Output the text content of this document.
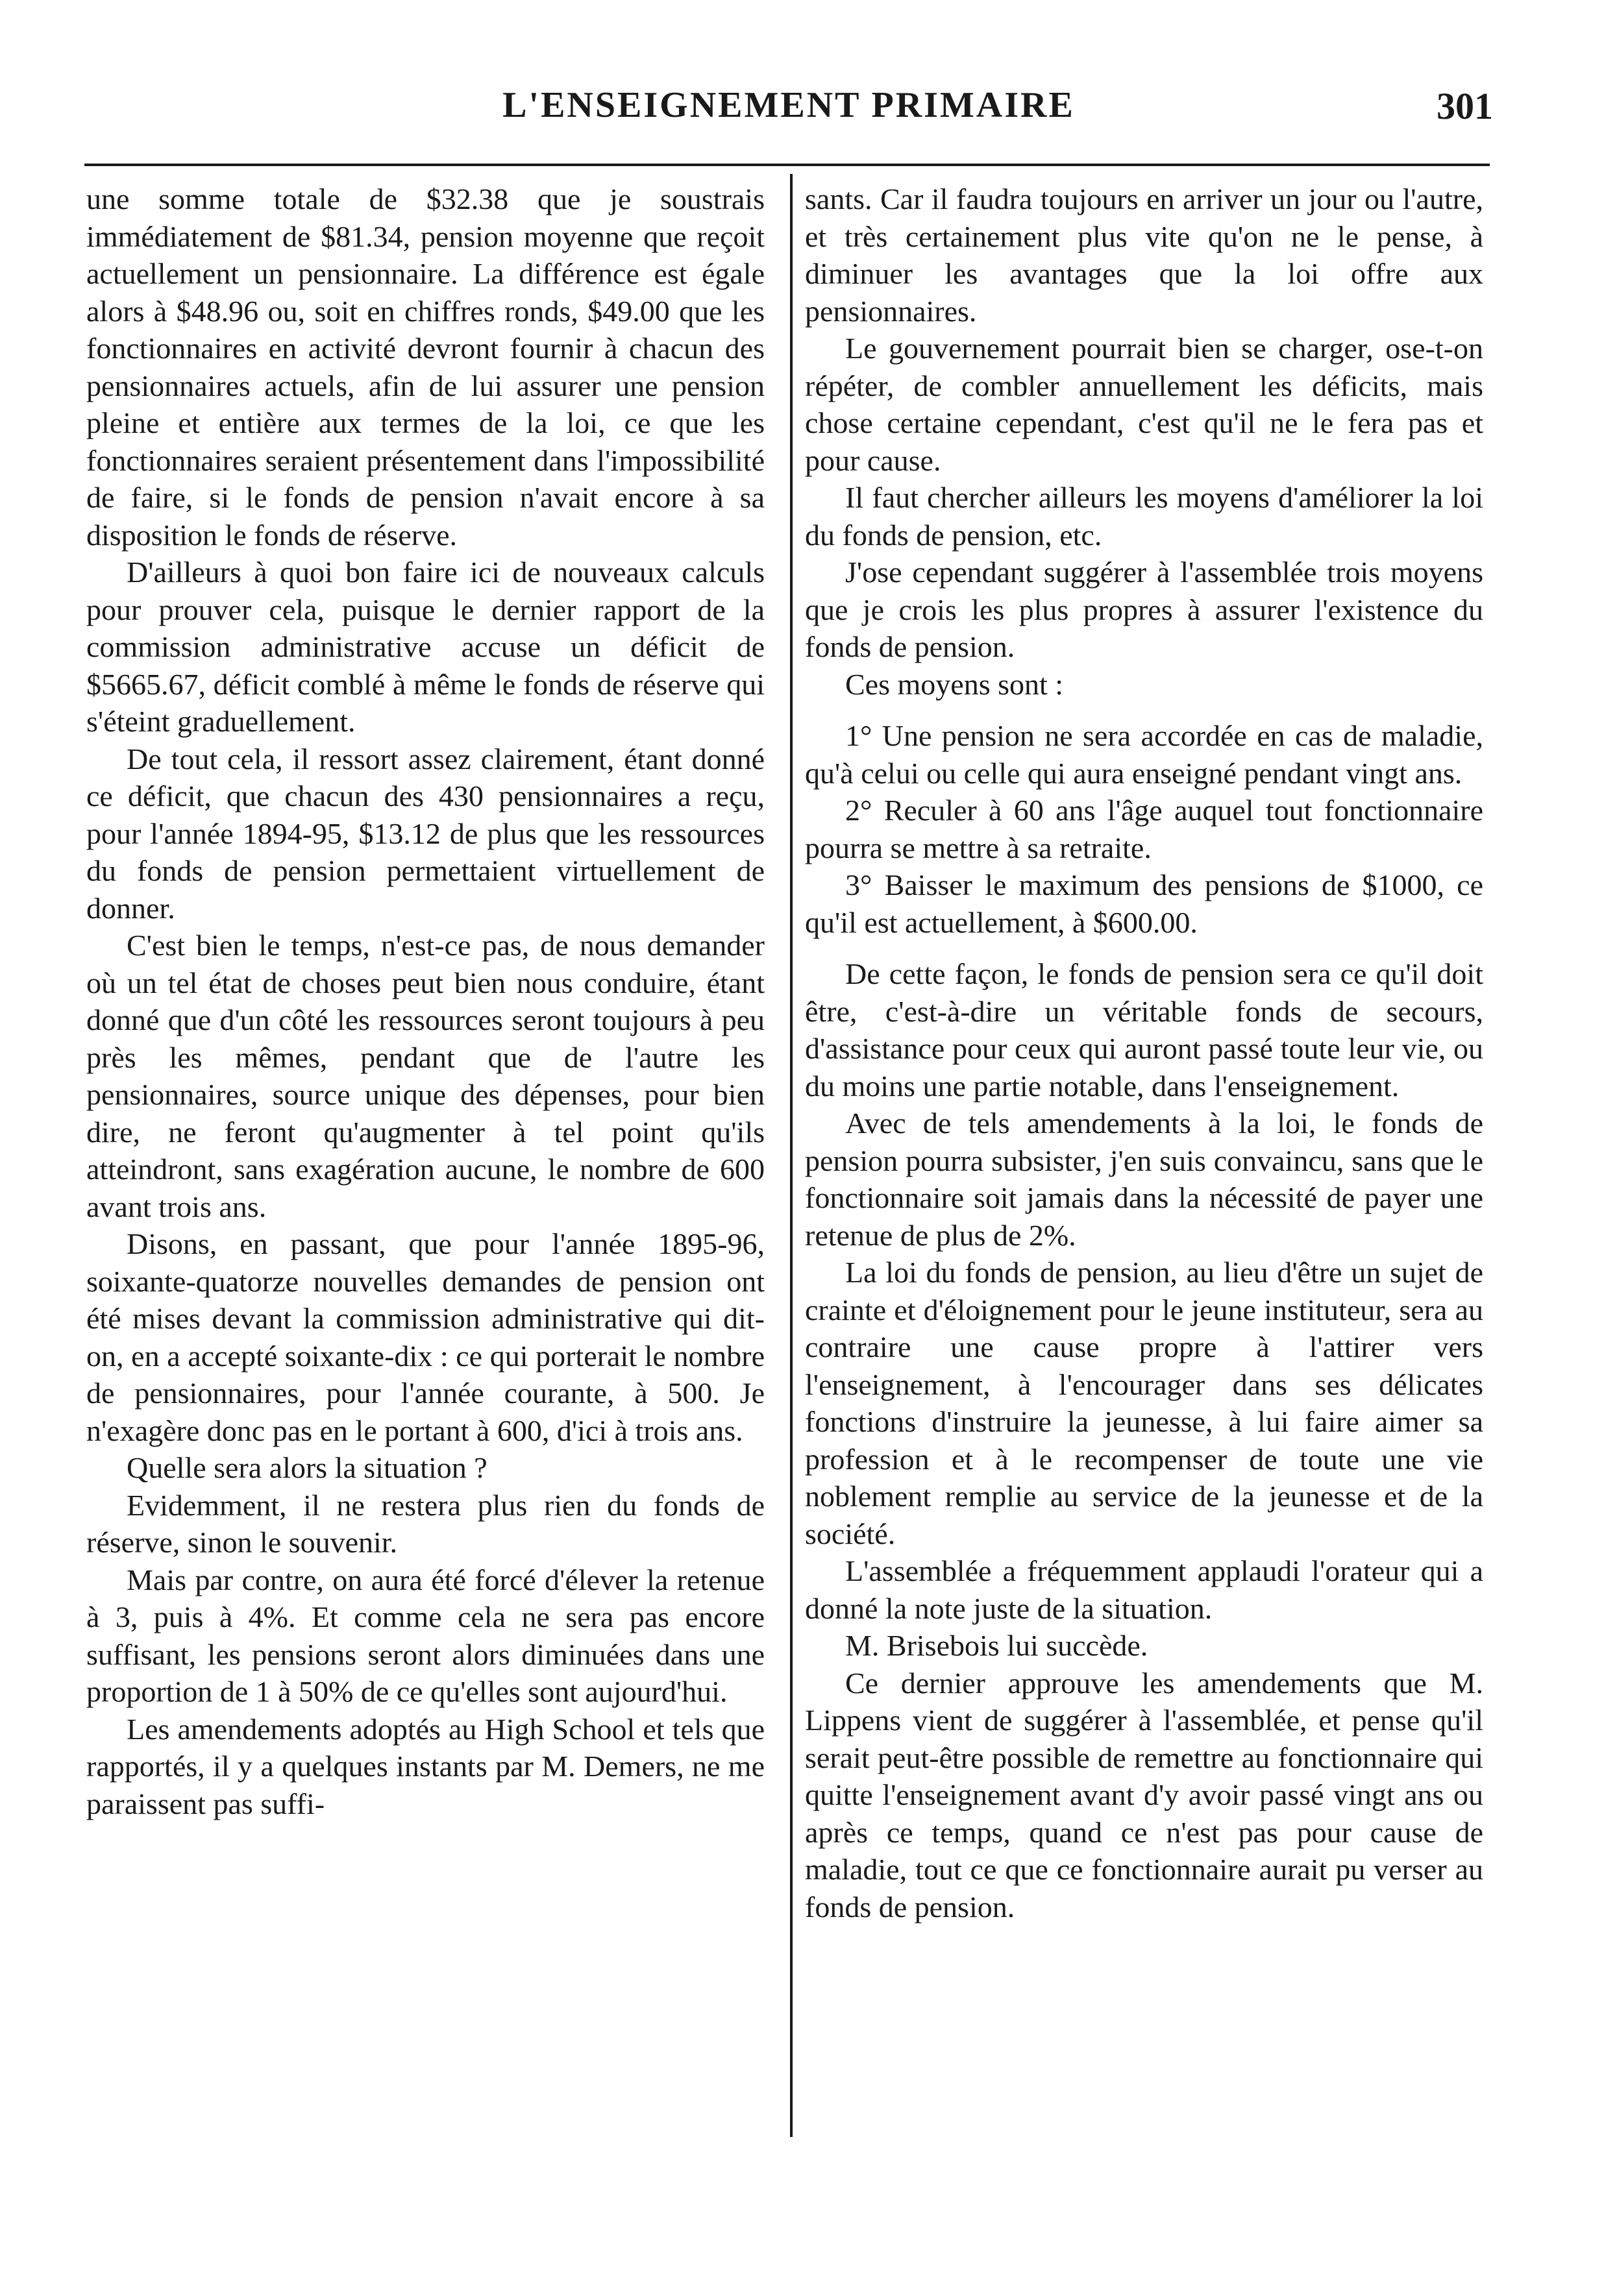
L'ENSEIGNEMENT PRIMAIRE	301

une somme totale de $32.38 que je soustrais immédiatement de $81.34, pension moyenne que reçoit actuellement un pensionnaire. La différence est égale alors à $48.96 ou, soit en chiffres ronds, $49.00 que les fonctionnaires en activité devront fournir à chacun des pensionnaires actuels, afin de lui assurer une pension pleine et entière aux termes de la loi, ce que les fonctionnaires seraient présentement dans l'impossibilité de faire, si le fonds de pension n'avait encore à sa disposition le fonds de réserve.

D'ailleurs à quoi bon faire ici de nouveaux calculs pour prouver cela, puisque le dernier rapport de la commission administrative accuse un déficit de $5665.67, déficit comblé à même le fonds de réserve qui s'éteint graduellement.

De tout cela, il ressort assez clairement, étant donné ce déficit, que chacun des 430 pensionnaires a reçu, pour l'année 1894-95, $13.12 de plus que les ressources du fonds de pension permettaient virtuellement de donner.

C'est bien le temps, n'est-ce pas, de nous demander où un tel état de choses peut bien nous conduire, étant donné que d'un côté les ressources seront toujours à peu près les mêmes, pendant que de l'autre les pensionnaires, source unique des dépenses, pour bien dire, ne feront qu'augmenter à tel point qu'ils atteindront, sans exagération aucune, le nombre de 600 avant trois ans.

Disons, en passant, que pour l'année 1895-96, soixante-quatorze nouvelles demandes de pension ont été mises devant la commission administrative qui dit-on, en a accepté soixante-dix : ce qui porterait le nombre de pensionnaires, pour l'année courante, à 500. Je n'exagère donc pas en le portant à 600, d'ici à trois ans.

Quelle sera alors la situation ?

Evidemment, il ne restera plus rien du fonds de réserve, sinon le souvenir.

Mais par contre, on aura été forcé d'élever la retenue à 3, puis à 4%. Et comme cela ne sera pas encore suffisant, les pensions seront alors diminuées dans une proportion de 1 à 50% de ce qu'elles sont aujourd'hui.

Les amendements adoptés au High School et tels que rapportés, il y a quelques instants par M. Demers, ne me paraissent pas suffi-

sants. Car il faudra toujours en arriver un jour ou l'autre, et très certainement plus vite qu'on ne le pense, à diminuer les avantages que la loi offre aux pensionnaires.

Le gouvernement pourrait bien se charger, ose-t-on répéter, de combler annuellement les déficits, mais chose certaine cependant, c'est qu'il ne le fera pas et pour cause.

Il faut chercher ailleurs les moyens d'améliorer la loi du fonds de pension, etc.

J'ose cependant suggérer à l'assemblée trois moyens que je crois les plus propres à assurer l'existence du fonds de pension.

Ces moyens sont :

1° Une pension ne sera accordée en cas de maladie, qu'à celui ou celle qui aura enseigné pendant vingt ans.

2° Reculer à 60 ans l'âge auquel tout fonctionnaire pourra se mettre à sa retraite.

3° Baisser le maximum des pensions de $1000, ce qu'il est actuellement, à $600.00.

De cette façon, le fonds de pension sera ce qu'il doit être, c'est-à-dire un véritable fonds de secours, d'assistance pour ceux qui auront passé toute leur vie, ou du moins une partie notable, dans l'enseignement.

Avec de tels amendements à la loi, le fonds de pension pourra subsister, j'en suis convaincu, sans que le fonctionnaire soit jamais dans la nécessité de payer une retenue de plus de 2%.

La loi du fonds de pension, au lieu d'être un sujet de crainte et d'éloignement pour le jeune instituteur, sera au contraire une cause propre à l'attirer vers l'enseignement, à l'encourager dans ses délicates fonctions d'instruire la jeunesse, à lui faire aimer sa profession et à le recompenser de toute une vie noblement remplie au service de la jeunesse et de la société.

L'assemblée a fréquemment applaudi l'orateur qui a donné la note juste de la situation.

M. Brisebois lui succède.

Ce dernier approuve les amendements que M. Lippens vient de suggérer à l'assemblée, et pense qu'il serait peut-être possible de remettre au fonctionnaire qui quitte l'enseignement avant d'y avoir passé vingt ans ou après ce temps, quand ce n'est pas pour cause de maladie, tout ce que ce fonctionnaire aurait pu verser au fonds de pension.
